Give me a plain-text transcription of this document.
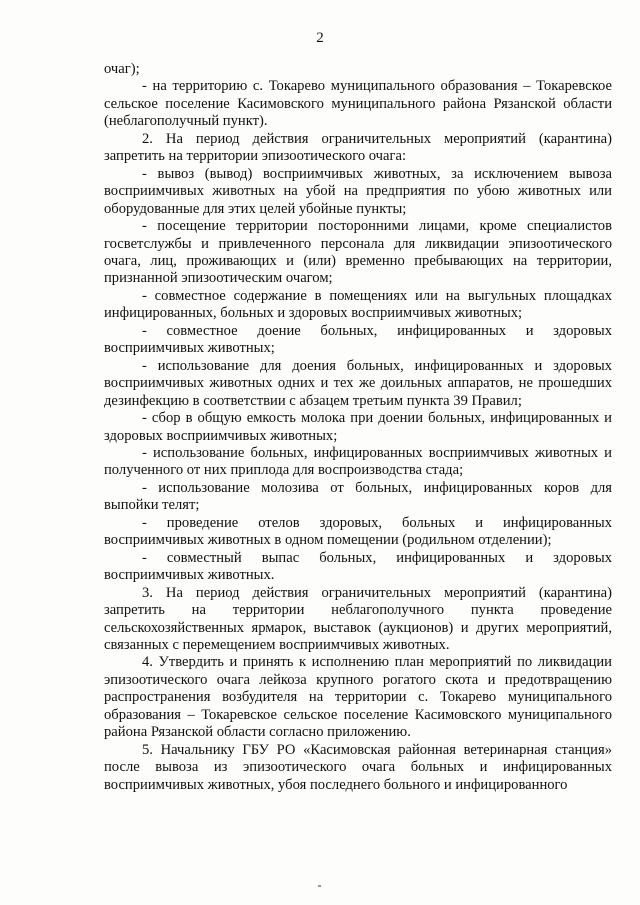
2

очаг);

- на территорию с. Токарево муниципального образования – Токаревское сельское поселение Касимовского муниципального района Рязанской области (неблагополучный пункт).

2. На период действия ограничительных мероприятий (карантина) запретить на территории эпизоотического очага:

- вывоз (вывод) восприимчивых животных, за исключением вывоза восприимчивых животных на убой на предприятия по убою животных или оборудованные для этих целей убойные пункты;

- посещение территории посторонними лицами, кроме специалистов госветслужбы и привлеченного персонала для ликвидации эпизоотического очага, лиц, проживающих и (или) временно пребывающих на территории, признанной эпизоотическим очагом;

- совместное содержание в помещениях или на выгульных площадках инфицированных, больных и здоровых восприимчивых животных;

- совместное доение больных, инфицированных и здоровых восприимчивых животных;

- использование для доения больных, инфицированных и здоровых восприимчивых животных одних и тех же доильных аппаратов, не прошедших дезинфекцию в соответствии с абзацем третьим пункта 39 Правил;

- сбор в общую емкость молока при доении больных, инфицированных и здоровых восприимчивых животных;

- использование больных, инфицированных восприимчивых животных и полученного от них приплода для воспроизводства стада;

- использование молозива от больных, инфицированных коров для выпойки телят;

- проведение отелов здоровых, больных и инфицированных восприимчивых животных в одном помещении (родильном отделении);

- совместный выпас больных, инфицированных и здоровых восприимчивых животных.

3. На период действия ограничительных мероприятий (карантина) запретить на территории неблагополучного пункта проведение сельскохозяйственных ярмарок, выставок (аукционов) и других мероприятий, связанных с перемещением восприимчивых животных.

4. Утвердить и принять к исполнению план мероприятий по ликвидации эпизоотического очага лейкоза крупного рогатого скота и предотвращению распространения возбудителя на территории с. Токарево муниципального образования – Токаревское сельское поселение Касимовского муниципального района Рязанской области согласно приложению.

5. Начальнику ГБУ РО «Касимовская районная ветеринарная станция» после вывоза из эпизоотического очага больных и инфицированных восприимчивых животных, убоя последнего больного и инфицированного
